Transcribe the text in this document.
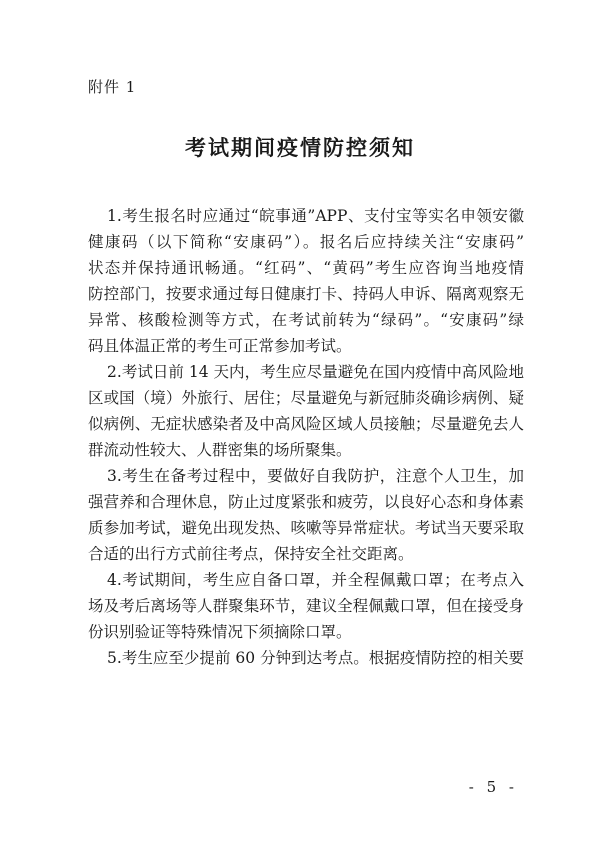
附件 1
考试期间疫情防控须知
1.考生报名时应通过“皖事通”APP、支付宝等实名申领安徽
健康码（以下简称“安康码”）。报名后应持续关注“安康码”
状态并保持通讯畅通。“红码”、“黄码”考生应咨询当地疫情
防控部门，按要求通过每日健康打卡、持码人申诉、隔离观察无
异常、核酸检测等方式，在考试前转为“绿码”。“安康码”绿
码且体温正常的考生可正常参加考试。
2.考试日前 14 天内，考生应尽量避免在国内疫情中高风险地
区或国（境）外旅行、居住；尽量避免与新冠肺炎确诊病例、疑
似病例、无症状感染者及中高风险区域人员接触；尽量避免去人
群流动性较大、人群密集的场所聚集。
3.考生在备考过程中，要做好自我防护，注意个人卫生，加
强营养和合理休息，防止过度紧张和疲劳，以良好心态和身体素
质参加考试，避免出现发热、咳嗽等异常症状。考试当天要采取
合适的出行方式前往考点，保持安全社交距离。
4.考试期间，考生应自备口罩，并全程佩戴口罩；在考点入
场及考后离场等人群聚集环节，建议全程佩戴口罩，但在接受身
份识别验证等特殊情况下须摘除口罩。
5.考生应至少提前 60 分钟到达考点。根据疫情防控的相关要
- 5 -
